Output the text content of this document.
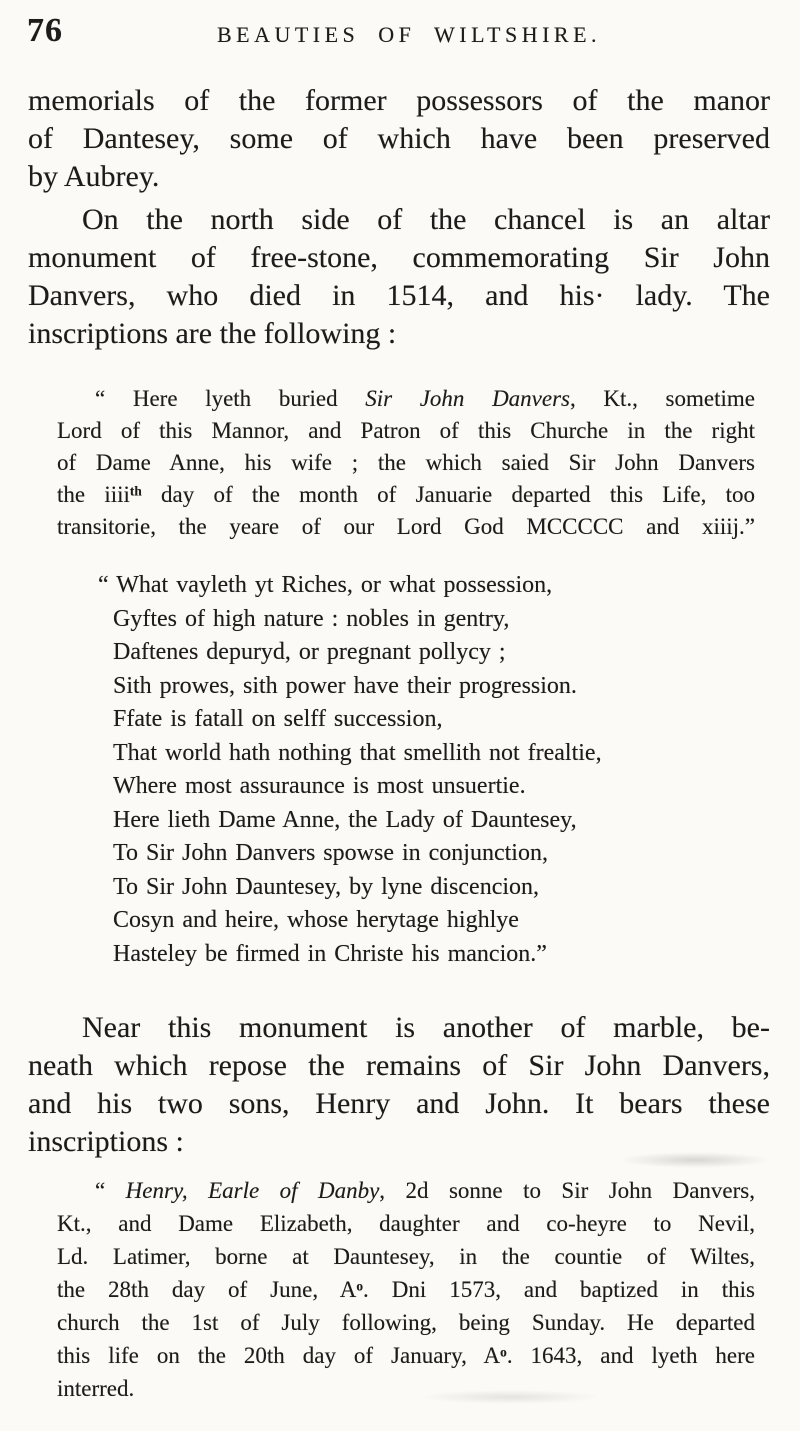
76	BEAUTIES OF WILTSHIRE.
memorials of the former possessors of the manor
of Dantesey, some of which have been preserved
by Aubrey.
On the north side of the chancel is an altar
monument of free-stone, commemorating Sir John
Danvers, who died in 1514, and his· lady. The
inscriptions are the following :
“ Here lyeth buried Sir John Danvers, Kt., sometime
Lord of this Mannor, and Patron of this Churche in the right
of Dame Anne, his wife ; the which saied Sir John Danvers
the iiii$^{th}$ day of the month of Januarie departed this Life, too
transitorie, the yeare of our Lord God MCCCCC and xiiij.”
“ What vayleth yt Riches, or what possession,
Gyftes of high nature : nobles in gentry,
Daftenes depuryd, or pregnant pollycy ;
Sith prowes, sith power have their progression.
Ffate is fatall on selff succession,
That world hath nothing that smellith not frealtie,
Where most assuraunce is most unsuertie.
Here lieth Dame Anne, the Lady of Dauntesey,
To Sir John Danvers spowse in conjunction,
To Sir John Dauntesey, by lyne discencion,
Cosyn and heire, whose herytage highlye
Hasteley be firmed in Christe his mancion.”
Near this monument is another of marble, be-
neath which repose the remains of Sir John Danvers,
and his two sons, Henry and John. It bears these
inscriptions :
“ Henry, Earle of Danby, 2d sonne to Sir John Danvers,
Kt., and Dame Elizabeth, daughter and co-heyre to Nevil,
Ld. Latimer, borne at Dauntesey, in the countie of Wiltes,
the 28th day of June, $A^o$. Dni 1573, and baptized in this
church the 1st of July following, being Sunday. He departed
this life on the 20th day of January, $A^o$. 1643, and lyeth here
interred.
